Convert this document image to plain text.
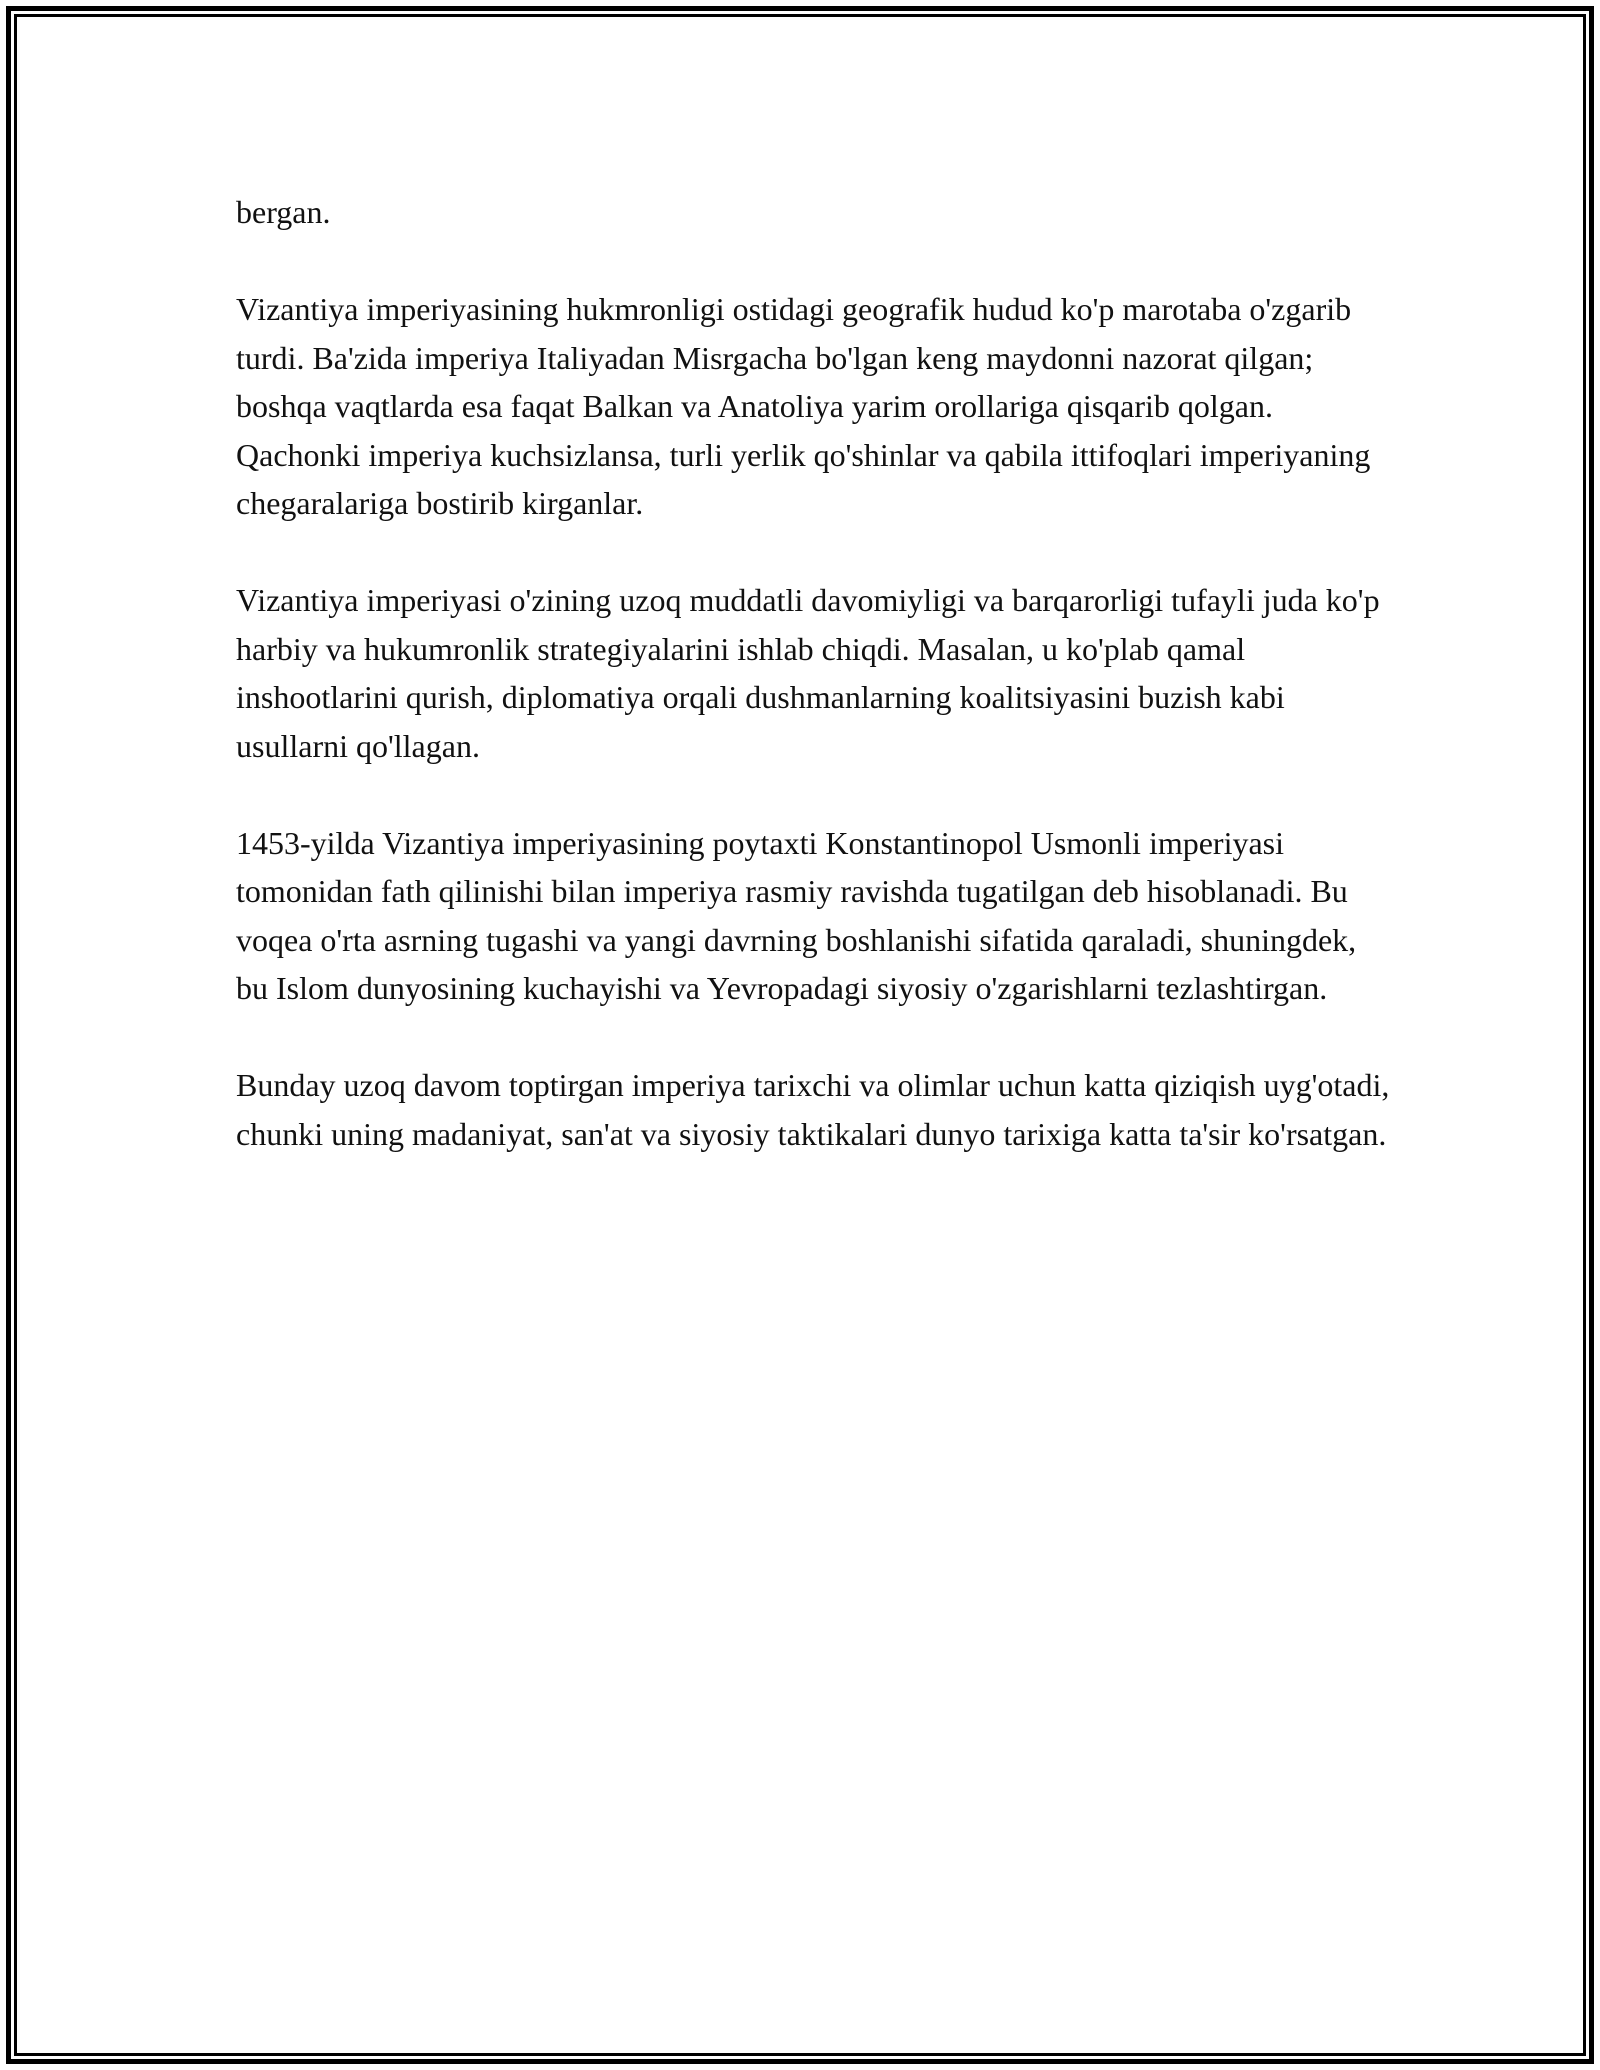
bergan.

Vizantiya imperiyasining hukmronligi ostidagi geografik hudud ko'p marotaba o'zgarib turdi. Ba'zida imperiya Italiyadan Misrgacha bo'lgan keng maydonni nazorat qilgan; boshqa vaqtlarda esa faqat Balkan va Anatoliya yarim orollariga qisqarib qolgan. Qachonki imperiya kuchsizlansa, turli yerlik qo'shinlar va qabila ittifoqlari imperiyaning chegaralariga bostirib kirganlar.

Vizantiya imperiyasi o'zining uzoq muddatli davomiyligi va barqarorligi tufayli juda ko'p harbiy va hukumronlik strategiyalarini ishlab chiqdi. Masalan, u ko'plab qamal inshootlarini qurish, diplomatiya orqali dushmanlarning koalitsiyasini buzish kabi usullarni qo'llagan.

1453-yilda Vizantiya imperiyasining poytaxti Konstantinopol Usmonli imperiyasi tomonidan fath qilinishi bilan imperiya rasmiy ravishda tugatilgan deb hisoblanadi. Bu voqea o'rta asrning tugashi va yangi davrning boshlanishi sifatida qaraladi, shuningdek, bu Islom dunyosining kuchayishi va Yevropadagi siyosiy o'zgarishlarni tezlashtirgan.

Bunday uzoq davom toptirgan imperiya tarixchi va olimlar uchun katta qiziqish uyg'otadi, chunki uning madaniyat, san'at va siyosiy taktikalari dunyo tarixiga katta ta'sir ko'rsatgan.
